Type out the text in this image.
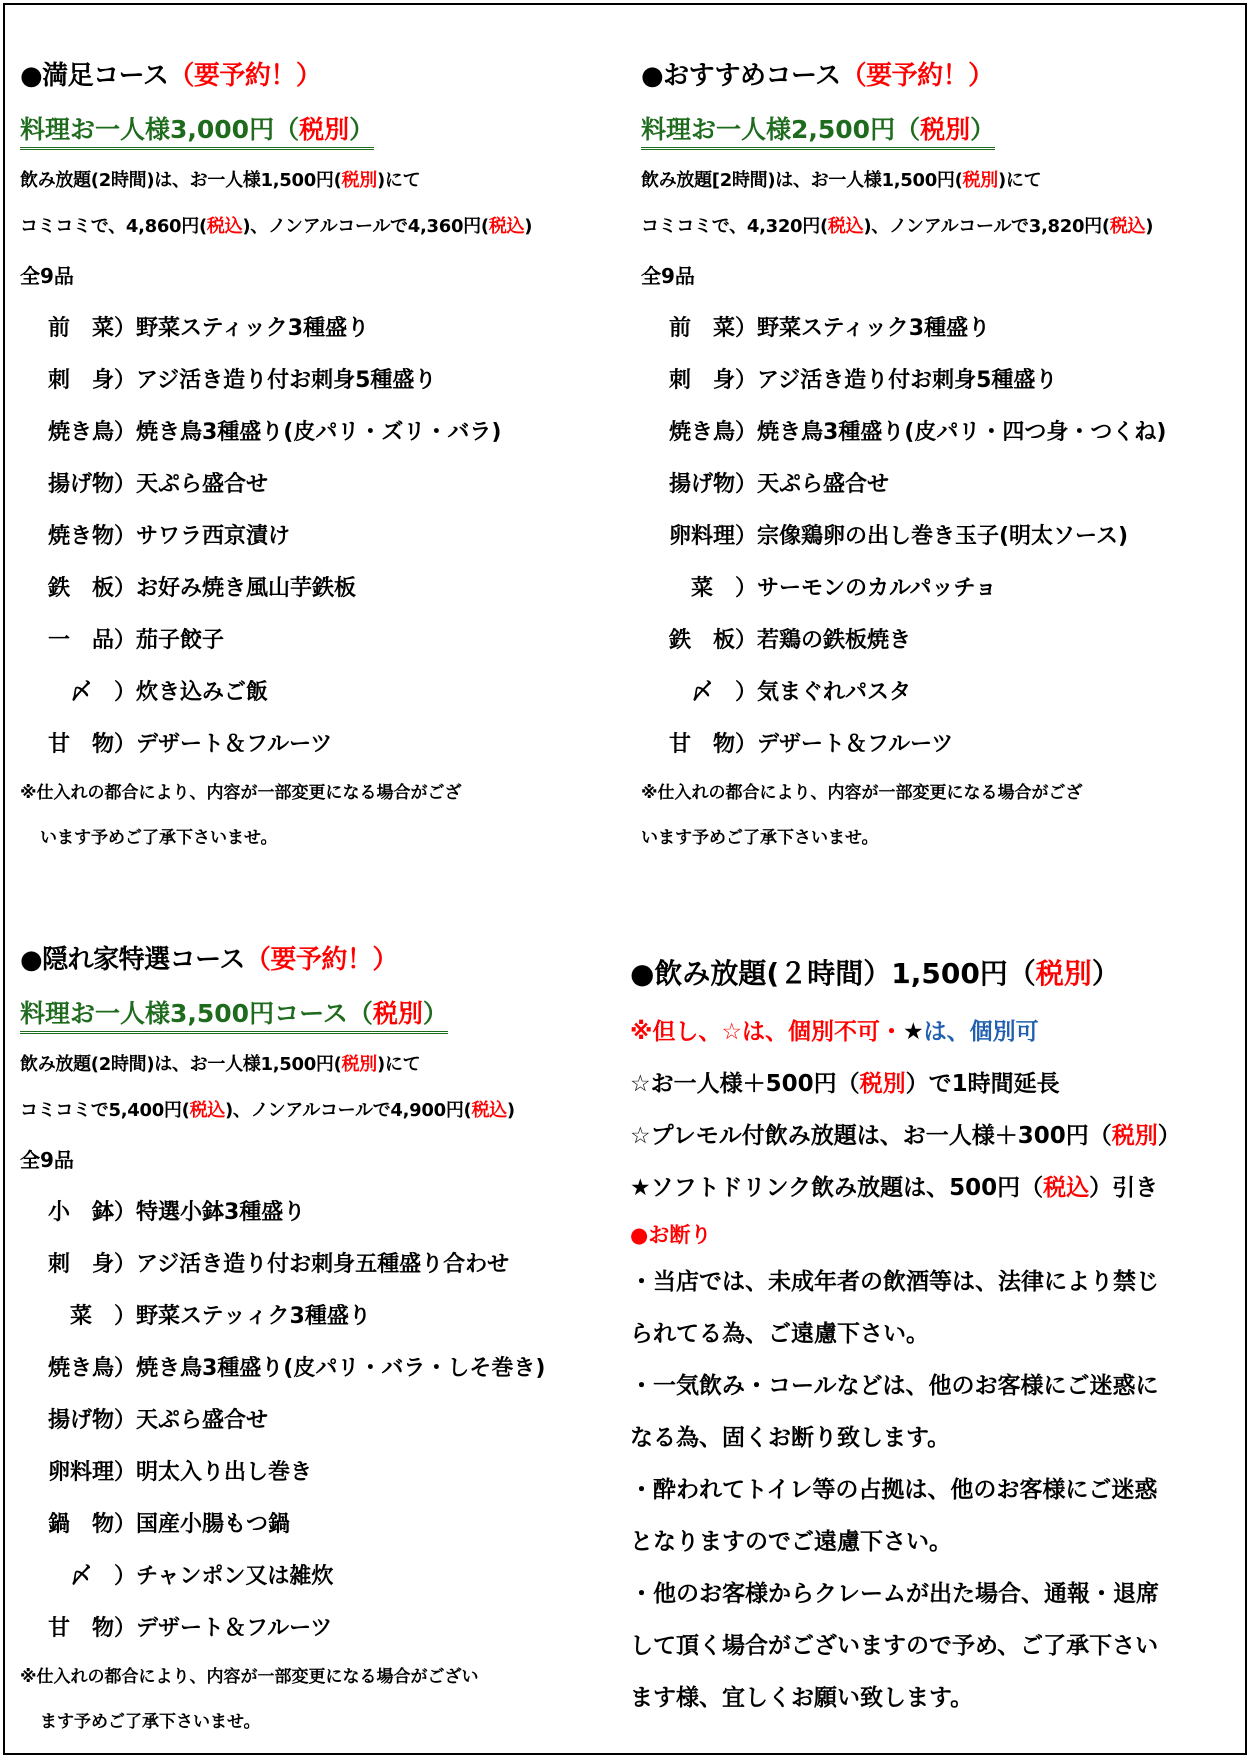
●満足コース（要予約！）
料理お一人様3,000円（税別）
飲み放題(2時間)は、お一人様1,500円(税別)にて
コミコミで、4,860円(税込)、ノンアルコールで4,360円(税込)
全9品
前　菜）野菜スティック3種盛り
刺　身）アジ活き造り付お刺身5種盛り
焼き鳥）焼き鳥3種盛り(皮パリ・ズリ・バラ)
揚げ物）天ぷら盛合せ
焼き物）サワラ西京漬け
鉄　板）お好み焼き風山芋鉄板
一　品）茄子餃子
　〆　）炊き込みご飯
甘　物）デザート＆フルーツ
※仕入れの都合により、内容が一部変更になる場合がござ
います予めご了承下さいませ。
●おすすめコース（要予約！）
料理お一人様2,500円（税別）
飲み放題[2時間)は、お一人様1,500円(税別)にて
コミコミで、4,320円(税込)、ノンアルコールで3,820円(税込)
全9品
前　菜）野菜スティック3種盛り
刺　身）アジ活き造り付お刺身5種盛り
焼き鳥）焼き鳥3種盛り(皮パリ・四つ身・つくね)
揚げ物）天ぷら盛合せ
卵料理）宗像鶏卵の出し巻き玉子(明太ソース)
　菜　）サーモンのカルパッチョ
鉄　板）若鶏の鉄板焼き
　〆　）気まぐれパスタ
甘　物）デザート＆フルーツ
※仕入れの都合により、内容が一部変更になる場合がござ
います予めご了承下さいませ。
●隠れ家特選コース（要予約！）
料理お一人様3,500円コース（税別）
飲み放題(2時間)は、お一人様1,500円(税別)にて
コミコミで5,400円(税込)、ノンアルコールで4,900円(税込)
全9品
小　鉢）特選小鉢3種盛り
刺　身）アジ活き造り付お刺身五種盛り合わせ
　菜　）野菜ステッィク3種盛り
焼き鳥）焼き鳥3種盛り(皮パリ・バラ・しそ巻き)
揚げ物）天ぷら盛合せ
卵料理）明太入り出し巻き
鍋　物）国産小腸もつ鍋
　〆　）チャンポン又は雑炊
甘　物）デザート＆フルーツ
※仕入れの都合により、内容が一部変更になる場合がござい
ます予めご了承下さいませ。
●飲み放題(２時間）1,500円（税別）
※但し、☆は、個別不可・★は、個別可
☆お一人様＋500円（税別）で1時間延長
☆プレモル付飲み放題は、お一人様＋300円（税別）
★ソフトドリンク飲み放題は、500円（税込）引き
●お断り
・当店では、未成年者の飲酒等は、法律により禁じ
られてる為、ご遠慮下さい。
・一気飲み・コールなどは、他のお客様にご迷惑に
なる為、固くお断り致します。
・酔われてトイレ等の占拠は、他のお客様にご迷惑
となりますのでご遠慮下さい。
・他のお客様からクレームが出た場合、通報・退席
して頂く場合がございますので予め、ご了承下さい
ます様、宜しくお願い致します。
